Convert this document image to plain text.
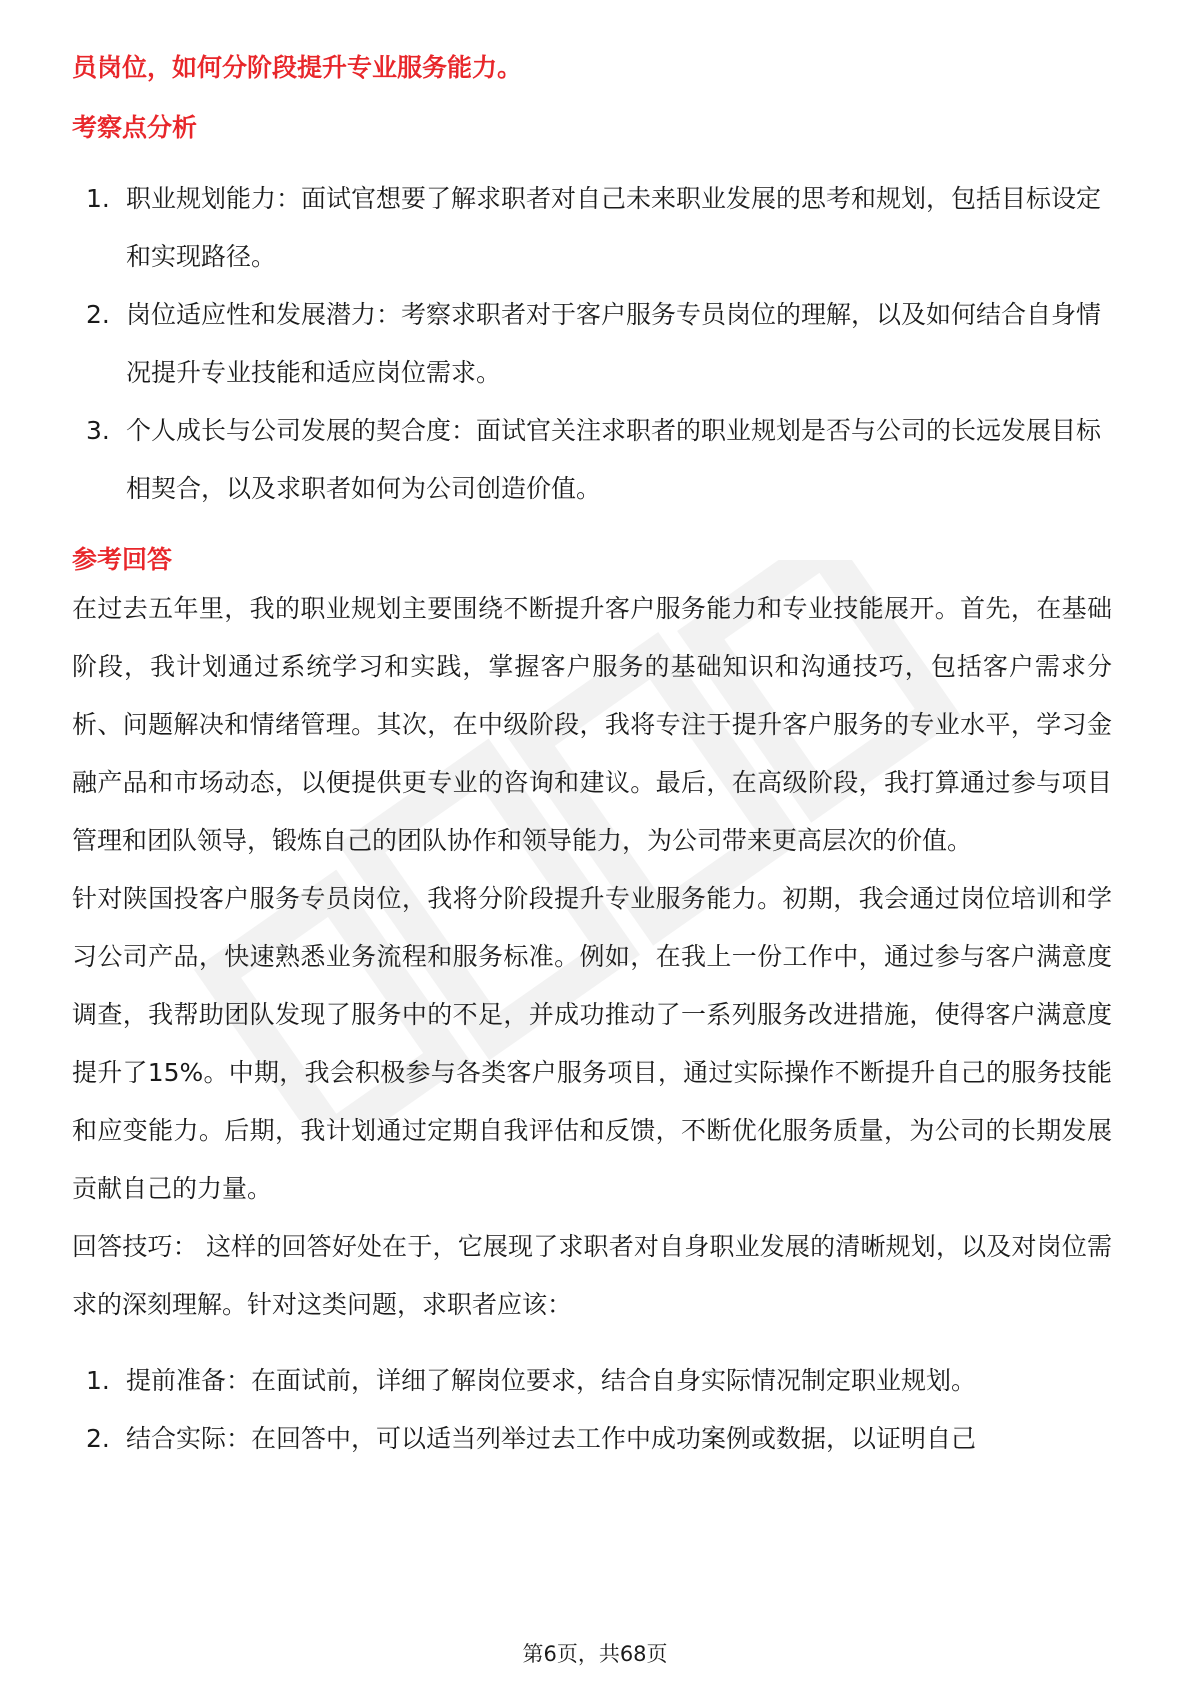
员岗位，如何分阶段提升专业服务能力。

考察点分析
1. 职业规划能力：面试官想要了解求职者对自己未来职业发展的思考和规划，包括目标设定和实现路径。
2. 岗位适应性和发展潜力：考察求职者对于客户服务专员岗位的理解，以及如何结合自身情况提升专业技能和适应岗位需求。
3. 个人成长与公司发展的契合度：面试官关注求职者的职业规划是否与公司的长远发展目标相契合，以及求职者如何为公司创造价值。
参考回答

在过去五年里，我的职业规划主要围绕不断提升客户服务能力和专业技能展开。首先，在基础阶段，我计划通过系统学习和实践，掌握客户服务的基础知识和沟通技巧，包括客户需求分析、问题解决和情绪管理。其次，在中级阶段，我将专注于提升客户服务的专业水平，学习金融产品和市场动态，以便提供更专业的咨询和建议。最后，在高级阶段，我打算通过参与项目管理和团队领导，锻炼自己的团队协作和领导能力，为公司带来更高层次的价值。

针对陕国投客户服务专员岗位，我将分阶段提升专业服务能力。初期，我会通过岗位培训和学习公司产品，快速熟悉业务流程和服务标准。例如，在我上一份工作中，通过参与客户满意度调查，我帮助团队发现了服务中的不足，并成功推动了一系列服务改进措施，使得客户满意度提升了15%。中期，我会积极参与各类客户服务项目，通过实际操作不断提升自己的服务技能和应变能力。后期，我计划通过定期自我评估和反馈，不断优化服务质量，为公司的长期发展贡献自己的力量。

回答技巧： 这样的回答好处在于，它展现了求职者对自身职业发展的清晰规划，以及对岗位需求的深刻理解。针对这类问题，求职者应该：

1. 提前准备：在面试前，详细了解岗位要求，结合自身实际情况制定职业规划。
2. 结合实际：在回答中，可以适当列举过去工作中成功案例或数据，以证明自己
第6页，共68页
